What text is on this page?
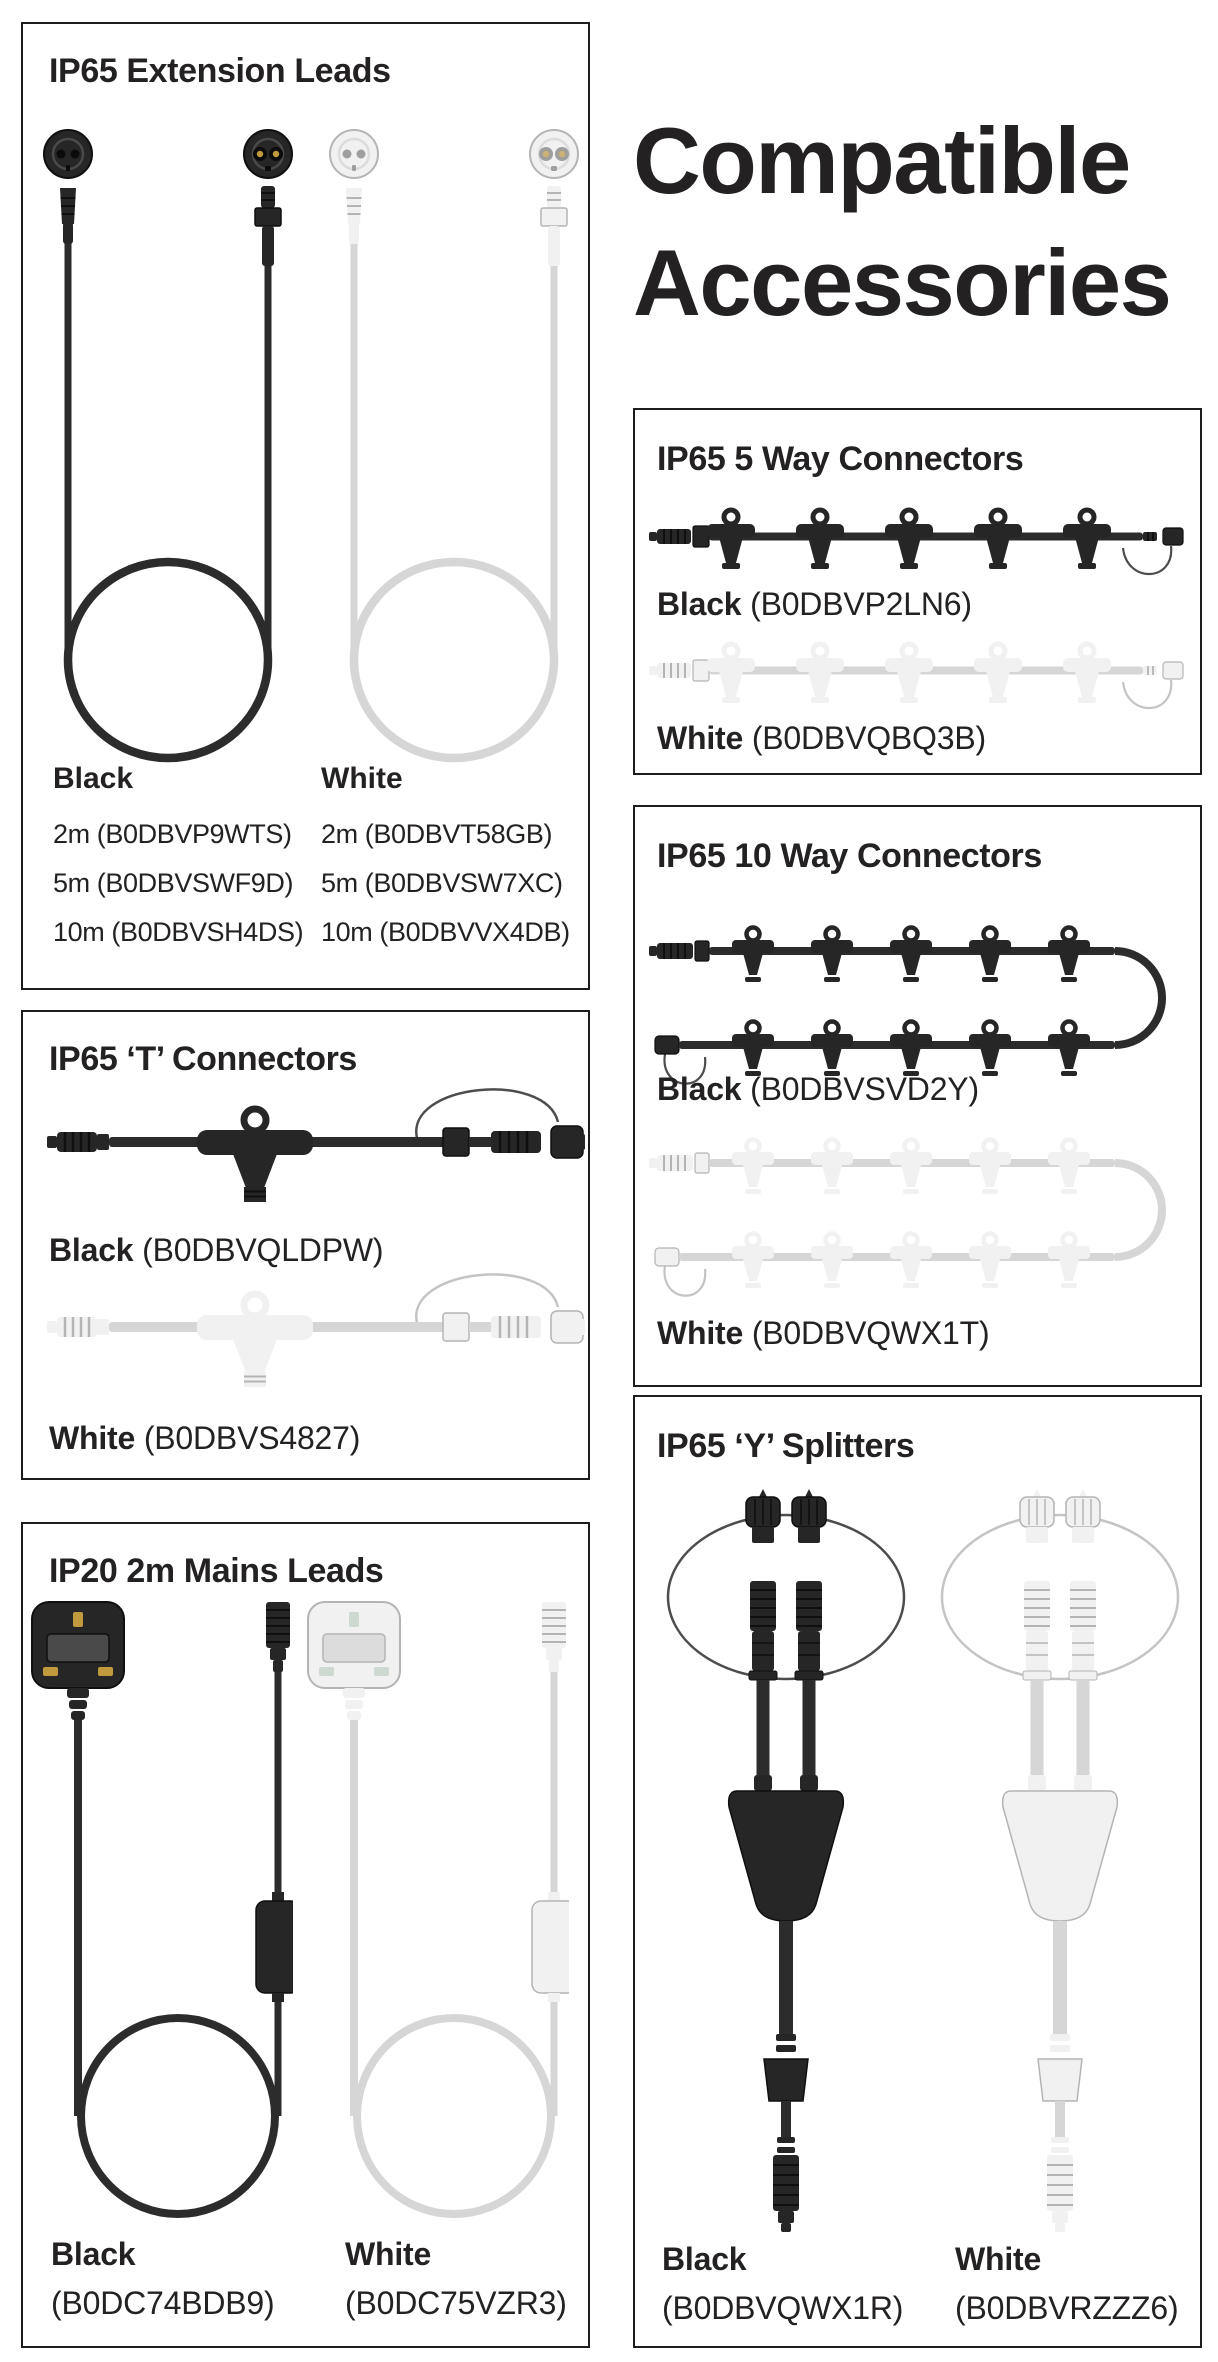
Compatible
Accessories
IP65 Extension Leads
Black
2m (B0DBVP9WTS)
5m (B0DBVSWF9D)
10m (B0DBVSH4DS)
White
2m (B0DBVT58GB)
5m (B0DBVSW7XC)
10m (B0DBVVX4DB)
IP65 ‘T’ Connectors
Black (B0DBVQLDPW)
White (B0DBVS4827)
IP20 2m Mains Leads
Black
(B0DC74BDB9)
White
(B0DC75VZR3)
IP65 5 Way Connectors
Black (B0DBVP2LN6)
White (B0DBVQBQ3B)
IP65 10 Way Connectors
Black (B0DBVSVD2Y)
White (B0DBVQWX1T)
IP65 ‘Y’ Splitters
Black
(B0DBVQWX1R)
White
(B0DBVRZZZ6)
